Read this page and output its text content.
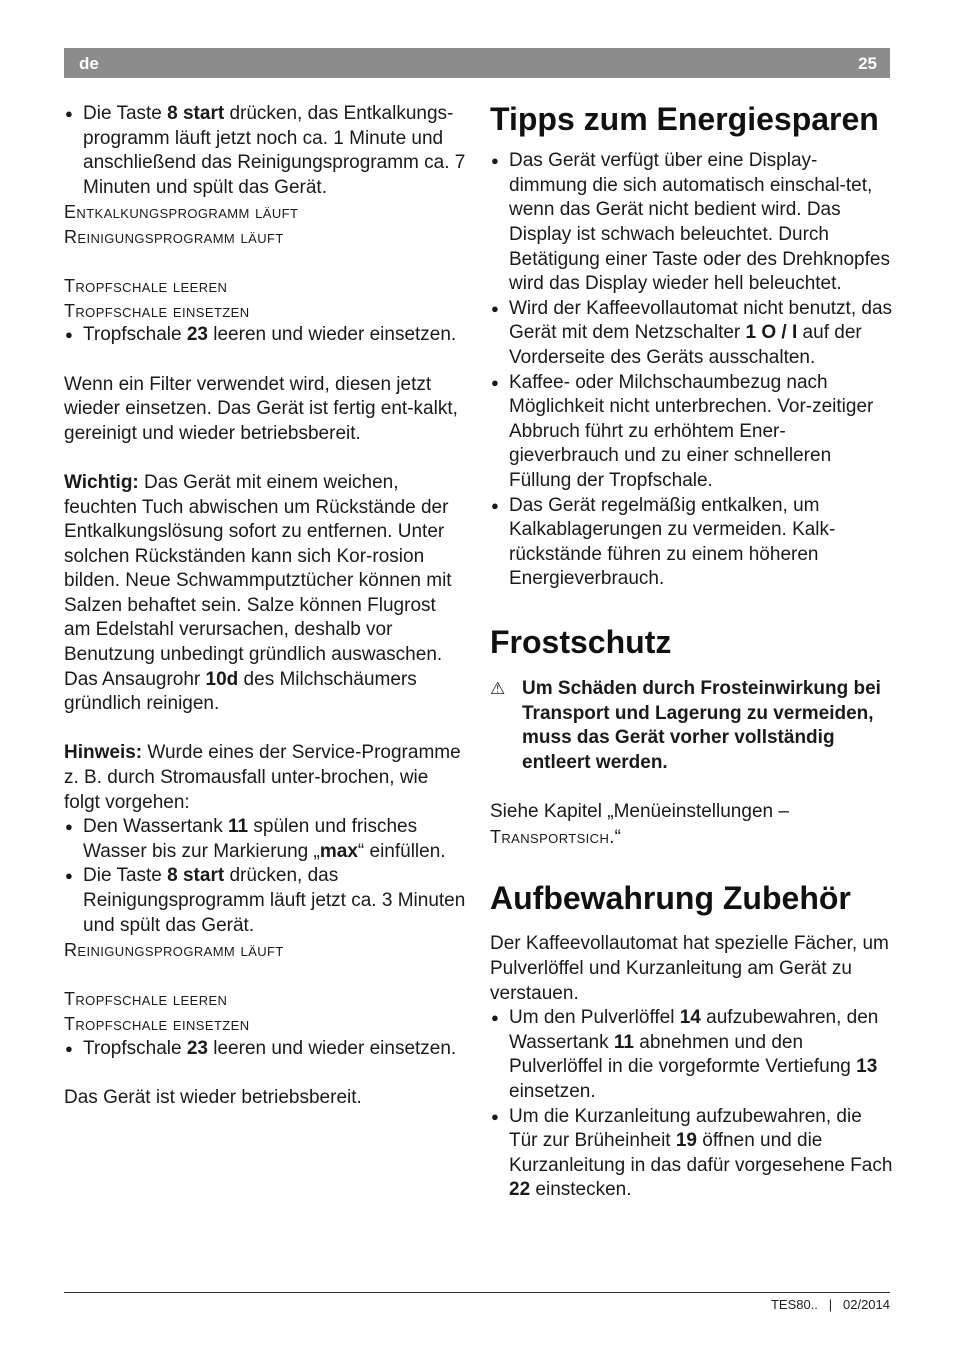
de	25

● Die Taste 8 start drücken, das Entkalkungs-programm läuft jetzt noch ca. 1 Minute und anschließend das Reinigungsprogramm ca. 7 Minuten und spült das Gerät.

Entkalkungsprogramm läuft

Reinigungsprogramm läuft

Tropfschale leeren

Tropfschale einsetzen

● Tropfschale 23 leeren und wieder einsetzen.

Wenn ein Filter verwendet wird, diesen jetzt wieder einsetzen. Das Gerät ist fertig ent-kalkt, gereinigt und wieder betriebsbereit.

Wichtig: Das Gerät mit einem weichen, feuchten Tuch abwischen um Rückstände der Entkalkungslösung sofort zu entfernen. Unter solchen Rückständen kann sich Kor-rosion bilden. Neue Schwammputztücher können mit Salzen behaftet sein. Salze können Flugrost am Edelstahl verursachen, deshalb vor Benutzung unbedingt gründlich auswaschen.

Das Ansaugrohr 10d des Milchschäumers gründlich reinigen.

Hinweis: Wurde eines der Service-Programme z. B. durch Stromausfall unter-brochen, wie folgt vorgehen:

● Den Wassertank 11 spülen und frisches Wasser bis zur Markierung „max“ einfüllen.

● Die Taste 8 start drücken, das Reinigungsprogramm läuft jetzt ca. 3 Minuten und spült das Gerät.

Reinigungsprogramm läuft

Tropfschale leeren

Tropfschale einsetzen

● Tropfschale 23 leeren und wieder einsetzen.

Das Gerät ist wieder betriebsbereit.

Tipps zum Energiesparen

● Das Gerät verfügt über eine Display-dimmung die sich automatisch einschal-tet, wenn das Gerät nicht bedient wird. Das Display ist schwach beleuchtet. Durch Betätigung einer Taste oder des Drehknopfes wird das Display wieder hell beleuchtet.

● Wird der Kaffeevollautomat nicht benutzt, das Gerät mit dem Netzschalter 1 O / I auf der Vorderseite des Geräts ausschalten.

● Kaffee- oder Milchschaumbezug nach Möglichkeit nicht unterbrechen. Vor-zeitiger Abbruch führt zu erhöhtem Ener-gieverbrauch und zu einer schnelleren Füllung der Tropfschale.

● Das Gerät regelmäßig entkalken, um Kalkablagerungen zu vermeiden. Kalk-rückstände führen zu einem höheren Energieverbrauch.

Frostschutz

⚠ Um Schäden durch Frosteinwirkung bei Transport und Lagerung zu vermeiden, muss das Gerät vorher vollständig entleert werden.

Siehe Kapitel „Menüeinstellungen –
Transportsich.“

Aufbewahrung Zubehör

Der Kaffeevollautomat hat spezielle Fächer, um Pulverlöffel und Kurzanleitung am Gerät zu verstauen.

● Um den Pulverlöffel 14 aufzubewahren, den Wassertank 11 abnehmen und den Pulverlöffel in die vorgeformte Vertiefung 13 einsetzen.

● Um die Kurzanleitung aufzubewahren, die Tür zur Brüheinheit 19 öffnen und die Kurzanleitung in das dafür vorgesehene Fach 22 einstecken.

TES80.. | 02/2014
